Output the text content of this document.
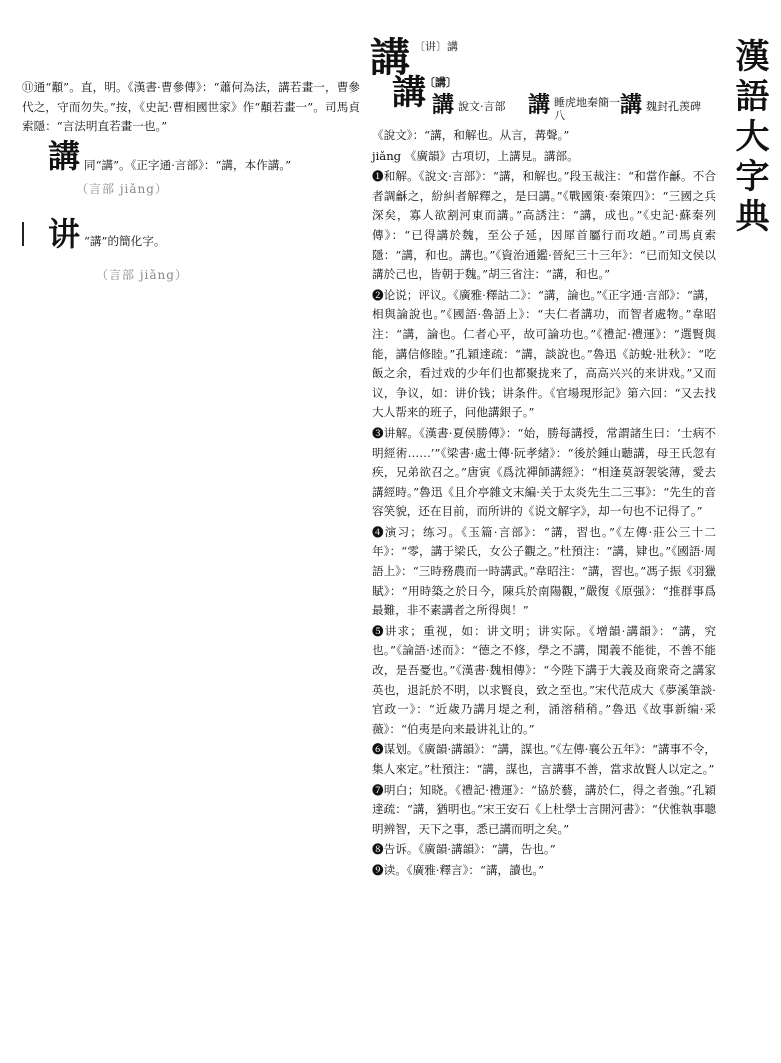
漢語大字典
講 〔讲〕講
講
〔講〕
講 說文·言部 講 睡虎地秦簡一八	講 魏封孔羡碑

⑪通“顜”。直，明。《漢書·曹參傳》：“蕭何為法，講若畫一，曹參代之，守而勿失。”按，《史記·曹相國世家》作“顜若畫一”。司馬貞索隱：“言法明直若畫一也。”

講 同“講”。《正字通·言部》：“講，本作講。”
（言部 jiǎng）
讲 “講”的簡化字。
（言部 jiǎng）

《說文》：“講，和解也。从言，冓聲。”

jiǎng 《廣韻》古項切，上講見。講部。

❶和解。《說文·言部》：“講，和解也。”段玉裁注：“和當作龢。不合者調龢之，紛糾者解釋之，是曰講。”《戰國策·秦策四》：“三國之兵深矣，寡人欲割河東而講。”高誘注：“講，成也。”《史記·蘇秦列傳》：“已得講於魏，至公子延，因犀首屬行而攻趙。”司馬貞索隱：“講，和也。講也。”《資治通鑑·晉紀三十三年》：“已而知文侯以講於己也，皆朝于魏。”胡三省注：“講，和也。”

❷论说；评议。《廣雅·釋詁二》：“講，論也。”《正字通·言部》：“講，相與論說也。”《國語·魯語上》：“夫仁者講功，而智者處物。”韋昭注：“講，論也。仁者心平，故可論功也。”《禮記·禮運》：“選賢與能，講信修睦。”孔穎達疏：“講，談說也。”魯迅《訪蛻·壯秋》：“吃飯之余，看过戏的少年们也都聚拢来了，高高兴兴的来讲戏。”又而议，争议，如：讲价钱；讲条件。《官場現形記》第六回：“又去找大人帮来的班子，问他講銀子。”

❸讲解。《漢書·夏侯勝傳》：“始，勝每講授，常謂諸生曰：‘士病不明經術……’”《梁書·處士傳·阮孝緒》：“後於鍾山聽講，母王氏忽有疾，兄弟欲召之。”唐寅《爲沈禪師講經》：“相逢莫訝袈裟薄，愛去講經時。”魯迅《且介亭雜文末編·关于太炎先生二三事》：“先生的音容笑貌，还在目前，而所讲的《说文解字》，却一句也不记得了。”

❹演习；练习。《玉篇·言部》：“講，習也。”《左傳·莊公三十二年》：“零，講于梁氏，女公子觀之。”杜預注：“講，肄也。”《國語·周語上》：“三時務農而一時講武。”韋昭注：“講，習也。”馮子振《羽獵賦》：“用時築之於日今，陳兵於南陽觀，”嚴復《原强》：“推群事爲最難，非不素講者之所得與！”

❺讲求；重视，如：讲文明；讲实际。《增韻·講韻》：“講，究也。”《論語·述而》：“德之不修，學之不講，聞義不能徙，不善不能改，是吾憂也。”《漢書·魏相傳》：“今陛下講于大義及商衆奇之講家英也，退託於不明，以求賢良，致之至也。”宋代范成大《夢溪筆談·官政一》：“近歲乃講月堤之利，涌溶稍稍。”魯迅《故事新编·采薇》：“伯夷是向来最讲礼让的。”

❻谋划。《廣韻·講韻》：“講，謀也。”《左傳·襄公五年》：“講事不令，集人來定。”杜預注：“講，謀也，言講事不善，當求故賢人以定之。”

❼明白；知晓。《禮記·禮運》：“協於藝，講於仁，得之者強。”孔穎達疏：“講，猶明也。”宋王安石《上杜學士言開河書》：“伏惟執事聰明辨智，天下之事，悉已講而明之矣。”

❽告诉。《廣韻·講韻》：“講，告也。”

❾读。《廣雅·釋言》：“講，讀也。”
